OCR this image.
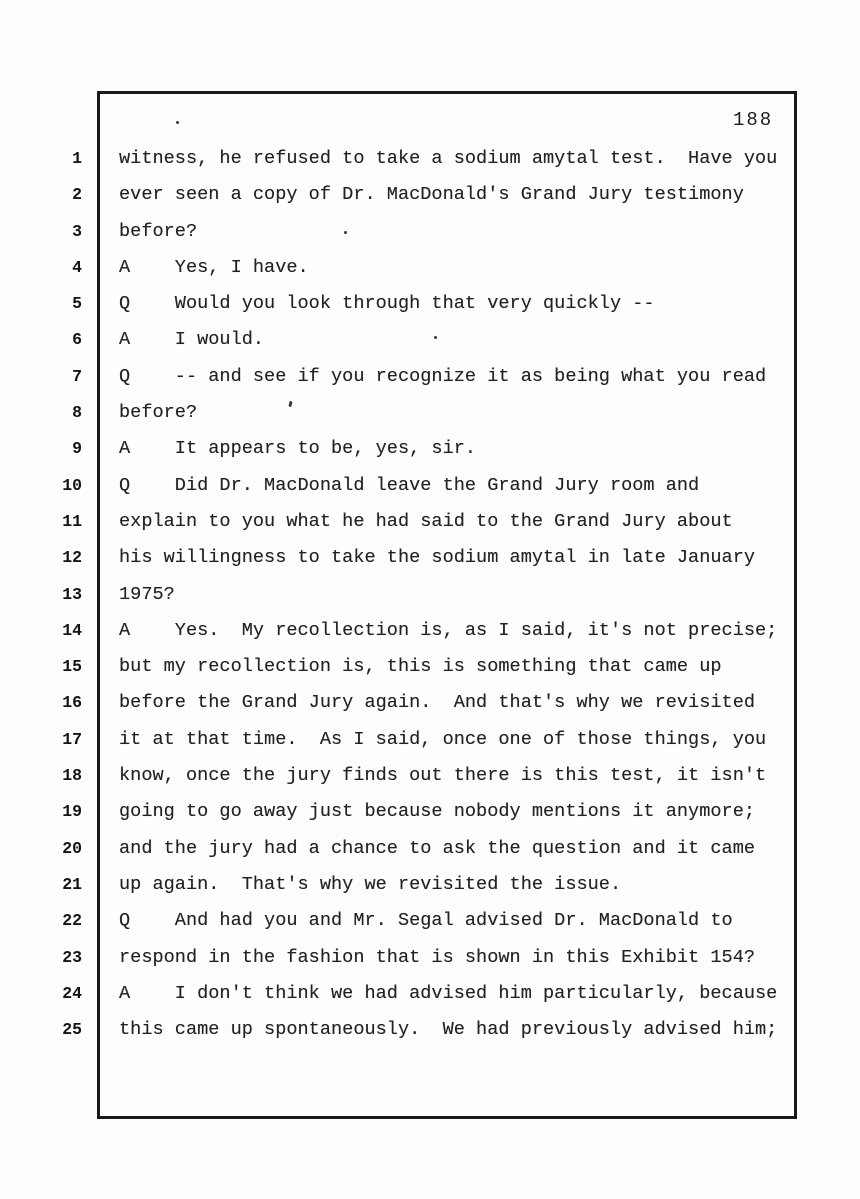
188
1
2
3
4
5
6
7
8
9
10
11
12
13
14
15
16
17
18
19
20
21
22
23
24
25
witness, he refused to take a sodium amytal test.  Have you
ever seen a copy of Dr. MacDonald's Grand Jury testimony
before?
A    Yes, I have.
Q    Would you look through that very quickly --
A    I would.
Q    -- and see if you recognize it as being what you read
before?
A    It appears to be, yes, sir.
Q    Did Dr. MacDonald leave the Grand Jury room and
explain to you what he had said to the Grand Jury about
his willingness to take the sodium amytal in late January
1975?
A    Yes.  My recollection is, as I said, it's not precise;
but my recollection is, this is something that came up
before the Grand Jury again.  And that's why we revisited
it at that time.  As I said, once one of those things, you
know, once the jury finds out there is this test, it isn't
going to go away just because nobody mentions it anymore;
and the jury had a chance to ask the question and it came
up again.  That's why we revisited the issue.
Q    And had you and Mr. Segal advised Dr. MacDonald to
respond in the fashion that is shown in this Exhibit 154?
A    I don't think we had advised him particularly, because
this came up spontaneously.  We had previously advised him;
